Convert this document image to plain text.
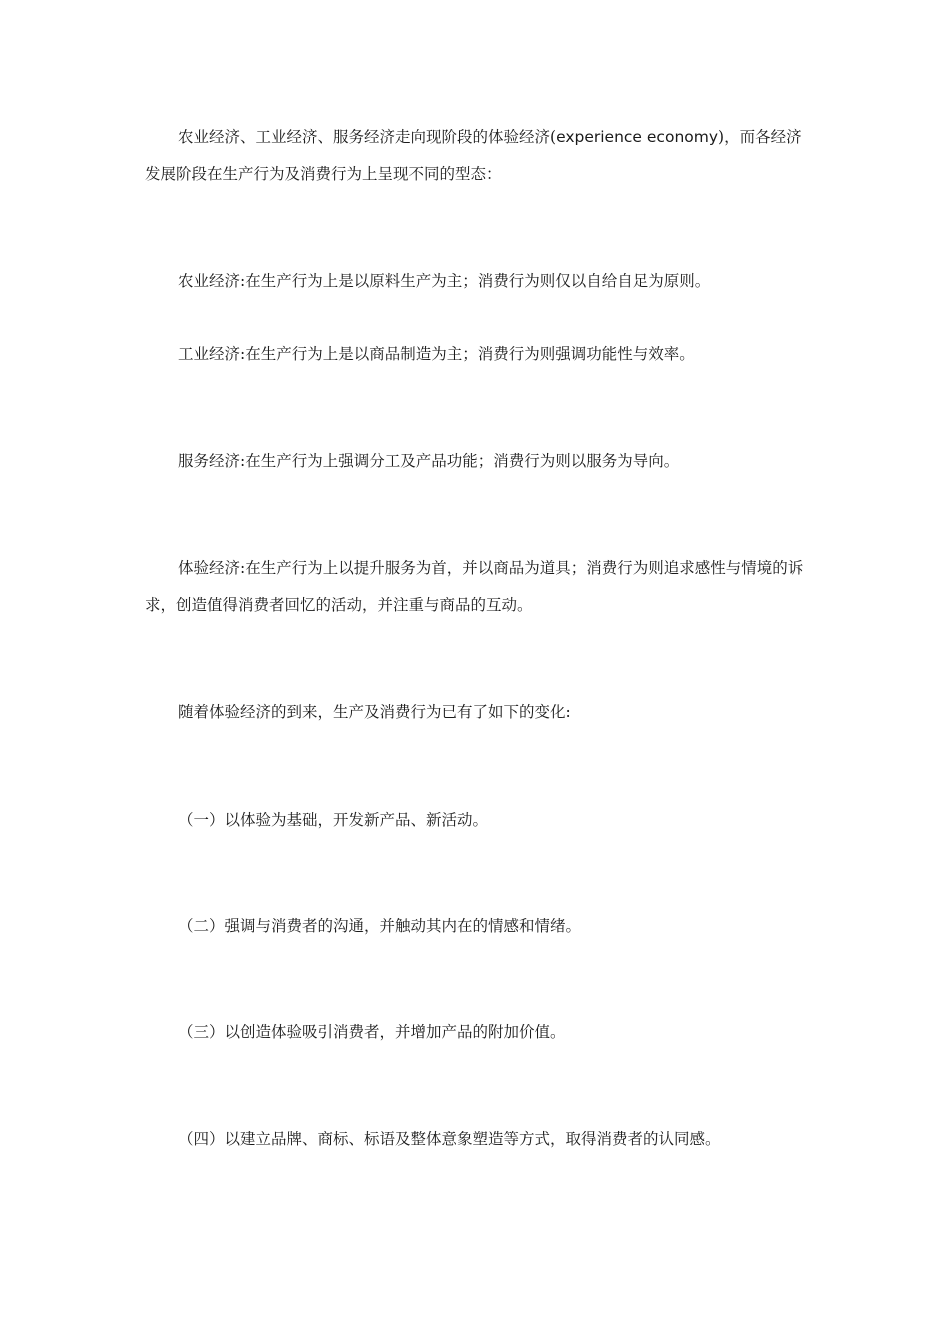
农业经济、工业经济、服务经济走向现阶段的体验经济(experience economy)，而各经济发展阶段在生产行为及消费行为上呈现不同的型态：

农业经济:在生产行为上是以原料生产为主；消费行为则仅以自给自足为原则。

工业经济:在生产行为上是以商品制造为主；消费行为则强调功能性与效率。

服务经济:在生产行为上强调分工及产品功能；消费行为则以服务为导向。

体验经济:在生产行为上以提升服务为首，并以商品为道具；消费行为则追求感性与情境的诉求，创造值得消费者回忆的活动，并注重与商品的互动。

随着体验经济的到来，生产及消费行为已有了如下的变化:

（一）以体验为基础，开发新产品、新活动。

（二）强调与消费者的沟通，并触动其内在的情感和情绪。

（三）以创造体验吸引消费者，并增加产品的附加价值。

（四）以建立品牌、商标、标语及整体意象塑造等方式，取得消费者的认同感。
